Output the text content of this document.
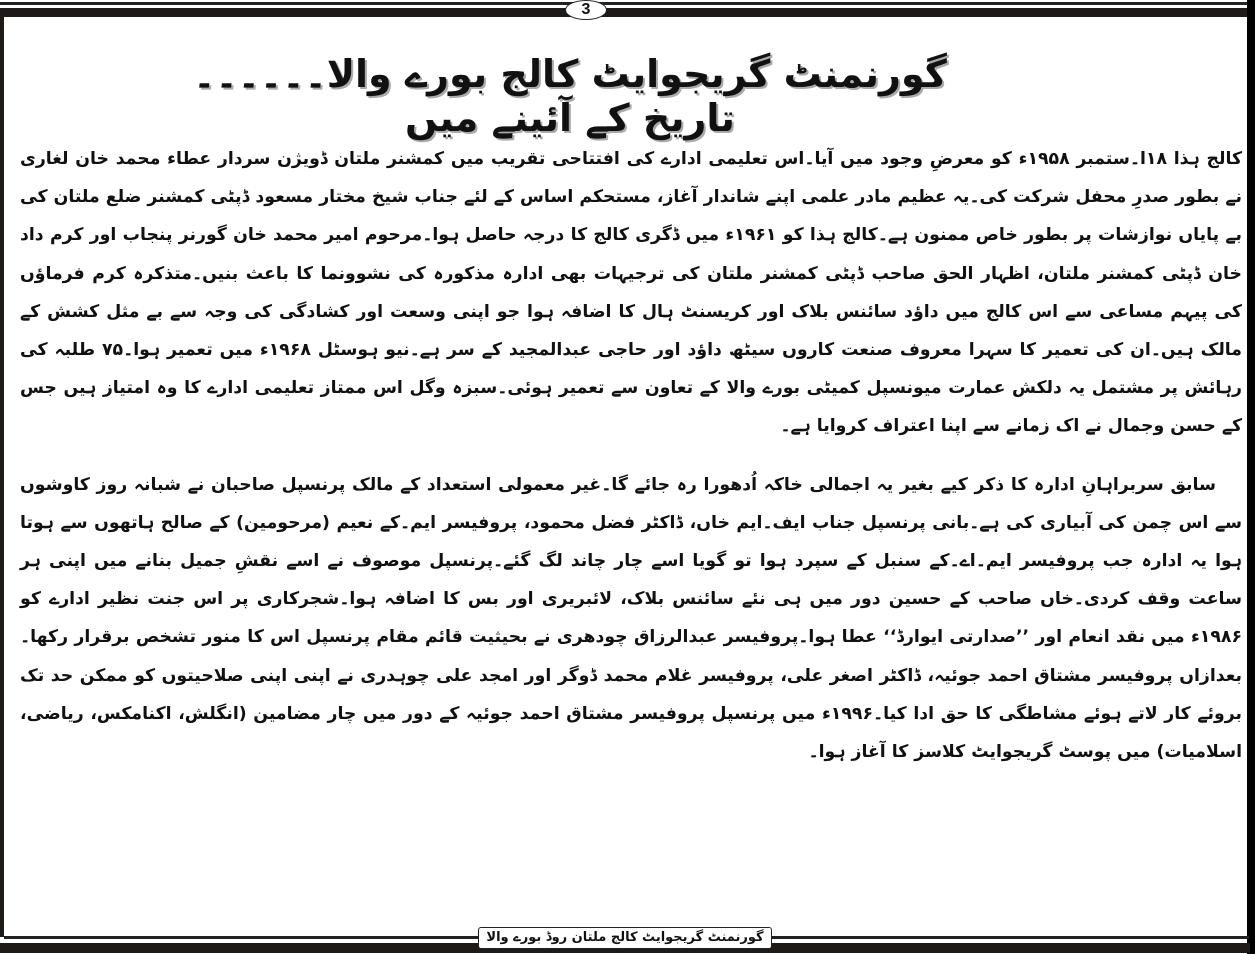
3
گورنمنٹ گریجوایٹ کالج بورے والا۔۔۔۔۔۔تاریخ کے آئینے میں

کالج ہذا ۱۸ا۔ستمبر ۱۹۵۸ء کو معرضِ وجود میں آیا۔اس تعلیمی ادارے کی افتتاحی تقریب میں کمشنر ملتان ڈویژن سردار عطاء محمد خان لغاری نے بطور صدرِ محفل شرکت کی۔یہ عظیم مادر علمی اپنے شاندار آغاز، مستحکم اساس کے لئے جناب شیخ مختار مسعود ڈپٹی کمشنر ضلع ملتان کی بے پایاں نوازشات پر بطور خاص ممنون ہے۔کالج ہذا کو ۱۹۶۱ء میں ڈگری کالج کا درجہ حاصل ہوا۔مرحوم امیر محمد خان گورنر پنجاب اور کرم داد خان ڈپٹی کمشنر ملتان، اظہار الحق صاحب ڈپٹی کمشنر ملتان کی ترجیہات بھی ادارہ مذکورہ کی نشوونما کا باعث بنیں۔متذکرہ کرم فرماؤں کی پیہم مساعی سے اس کالج میں داؤد سائنس بلاک اور کریسنٹ ہال کا اضافہ ہوا جو اپنی وسعت اور کشادگی کی وجہ سے بے مثل کشش کے مالک ہیں۔ان کی تعمیر کا سہرا معروف صنعت کاروں سیٹھ داؤد اور حاجی عبدالمجید کے سر ہے۔نیو ہوسٹل ۱۹۶۸ء میں تعمیر ہوا۔۷۵ طلبہ کی رہائش پر مشتمل یہ دلکش عمارت میونسپل کمیٹی بورے والا کے تعاون سے تعمیر ہوئی۔سبزہ وگل اس ممتاز تعلیمی ادارے کا وہ امتیاز ہیں جس کے حسن وجمال نے اک زمانے سے اپنا اعتراف کروایا ہے۔

سابق سربراہانِ ادارہ کا ذکر کیے بغیر یہ اجمالی خاکہ اُدھورا رہ جائے گا۔غیر معمولی استعداد کے مالک پرنسپل صاحبان نے شبانہ روز کاوشوں سے اس چمن کی آبیاری کی ہے۔بانی پرنسپل جناب ایف۔ایم خاں، ڈاکٹر فضل محمود، پروفیسر ایم۔کے نعیم (مرحومین) کے صالح ہاتھوں سے ہوتا ہوا یہ ادارہ جب پروفیسر ایم۔اے۔کے سنبل کے سپرد ہوا تو گویا اسے چار چاند لگ گئے۔پرنسپل موصوف نے اسے نقشِ جمیل بنانے میں اپنی ہر ساعت وقف کردی۔خاں صاحب کے حسین دور میں ہی نئے سائنس بلاک، لائبریری اور بس کا اضافہ ہوا۔شجرکاری پر اس جنت نظیر ادارے کو ۱۹۸۶ء میں نقد انعام اور ’’صدارتی ایوارڈ‘‘ عطا ہوا۔پروفیسر عبدالرزاق چودھری نے بحیثیت قائم مقام پرنسپل اس کا منور تشخص برقرار رکھا۔بعدازاں پروفیسر مشتاق احمد جوئیہ، ڈاکٹر اصغر علی، پروفیسر غلام محمد ڈوگر اور امجد علی چوہدری نے اپنی اپنی صلاحیتوں کو ممکن حد تک بروئے کار لاتے ہوئے مشاطگی کا حق ادا کیا۔۱۹۹۶ء میں پرنسپل پروفیسر مشتاق احمد جوئیہ کے دور میں چار مضامین (انگلش، اکنامکس، ریاضی، اسلامیات) میں پوسٹ گریجوایٹ کلاسز کا آغاز ہوا۔

گورنمنٹ گریجوایٹ کالج ملتان روڈ بورے والا
